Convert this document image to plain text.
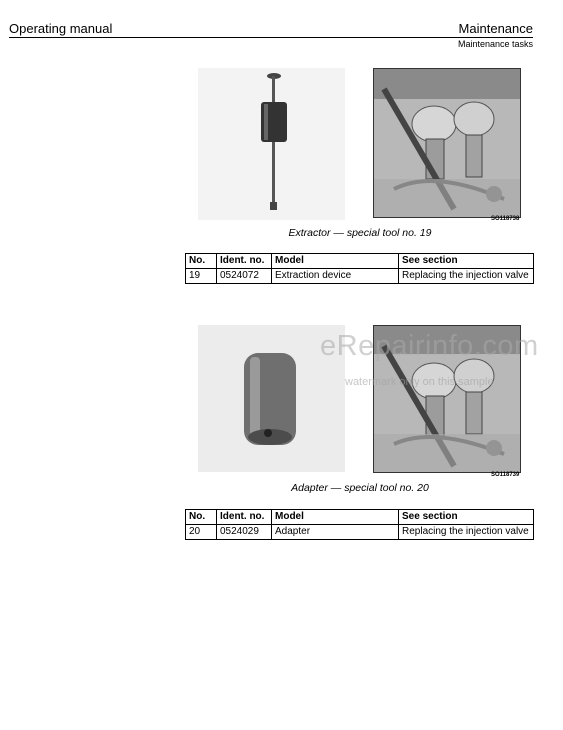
Operating manual	Maintenance
Maintenance tasks
SO118738
Extractor — special tool no. 19
No.	Ident. no.	Model	See section
19	0524072	Extraction device	Replacing the injection valve
SO118739
Adapter — special tool no. 20
No.	Ident. no.	Model	See section
20	0524029	Adapter	Replacing the injection valve
eRepairinfo.com
watermark only on this sample
